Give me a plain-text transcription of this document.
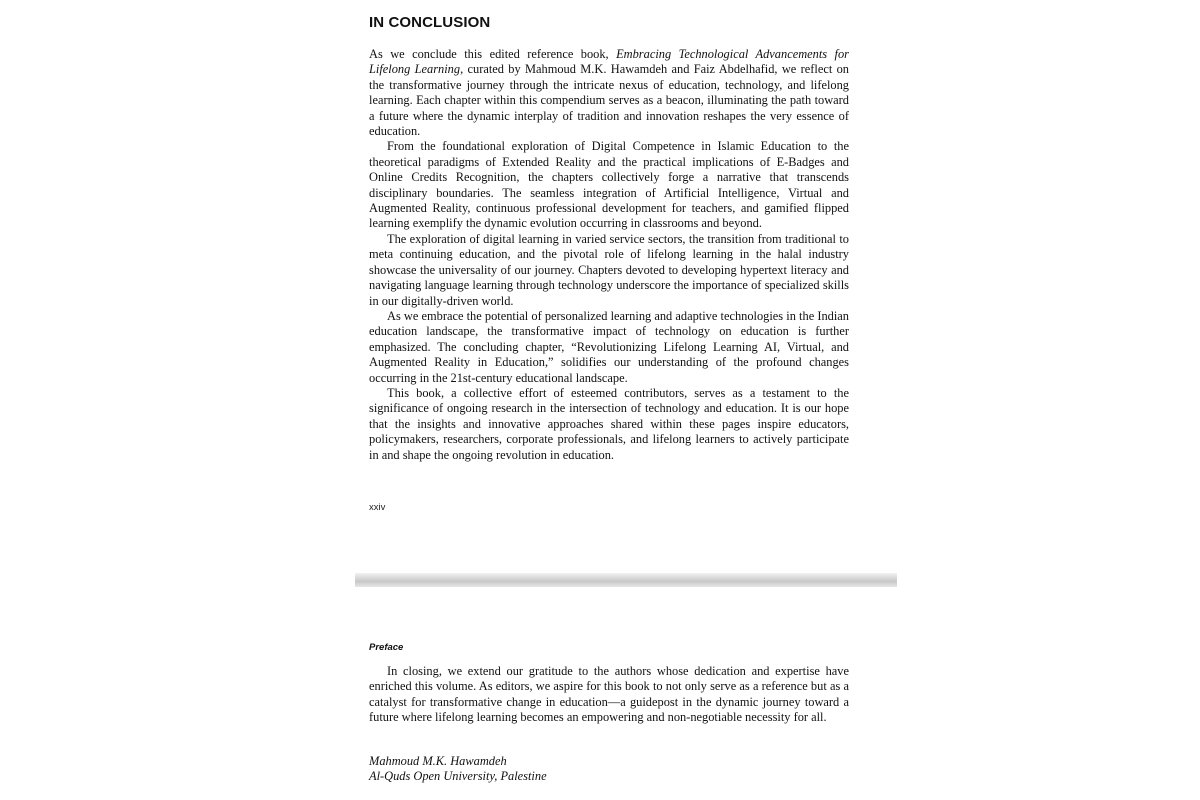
IN CONCLUSION

As we conclude this edited reference book, Embracing Technological Advancements for Lifelong Learning, curated by Mahmoud M.K. Hawamdeh and Faiz Abdelhafid, we reflect on the transformative journey through the intricate nexus of education, technology, and lifelong learning. Each chapter within this compendium serves as a beacon, illuminating the path toward a future where the dynamic interplay of tradition and innovation reshapes the very essence of education.

From the foundational exploration of Digital Competence in Islamic Education to the theoretical paradigms of Extended Reality and the practical implications of E-Badges and Online Credits Recognition, the chapters collectively forge a narrative that transcends disciplinary boundaries. The seamless integration of Artificial Intelligence, Virtual and Augmented Reality, continuous professional development for teachers, and gamified flipped learning exemplify the dynamic evolution occurring in classrooms and beyond.

The exploration of digital learning in varied service sectors, the transition from traditional to meta continuing education, and the pivotal role of lifelong learning in the halal industry showcase the universality of our journey. Chapters devoted to developing hypertext literacy and navigating language learning through technology underscore the importance of specialized skills in our digitally-driven world.

As we embrace the potential of personalized learning and adaptive technologies in the Indian education landscape, the transformative impact of technology on education is further emphasized. The concluding chapter, “Revolutionizing Lifelong Learning AI, Virtual, and Augmented Reality in Education,” solidifies our understanding of the profound changes occurring in the 21st-century educational landscape.

This book, a collective effort of esteemed contributors, serves as a testament to the significance of ongoing research in the intersection of technology and education. It is our hope that the insights and innovative approaches shared within these pages inspire educators, policymakers, researchers, corporate professionals, and lifelong learners to actively participate in and shape the ongoing revolution in education.

xxiv
Preface

In closing, we extend our gratitude to the authors whose dedication and expertise have enriched this volume. As editors, we aspire for this book to not only serve as a reference but as a catalyst for transformative change in education—a guidepost in the dynamic journey toward a future where lifelong learning becomes an empowering and non-negotiable necessity for all.

Mahmoud M.K. Hawamdeh
Al-Quds Open University, Palestine
